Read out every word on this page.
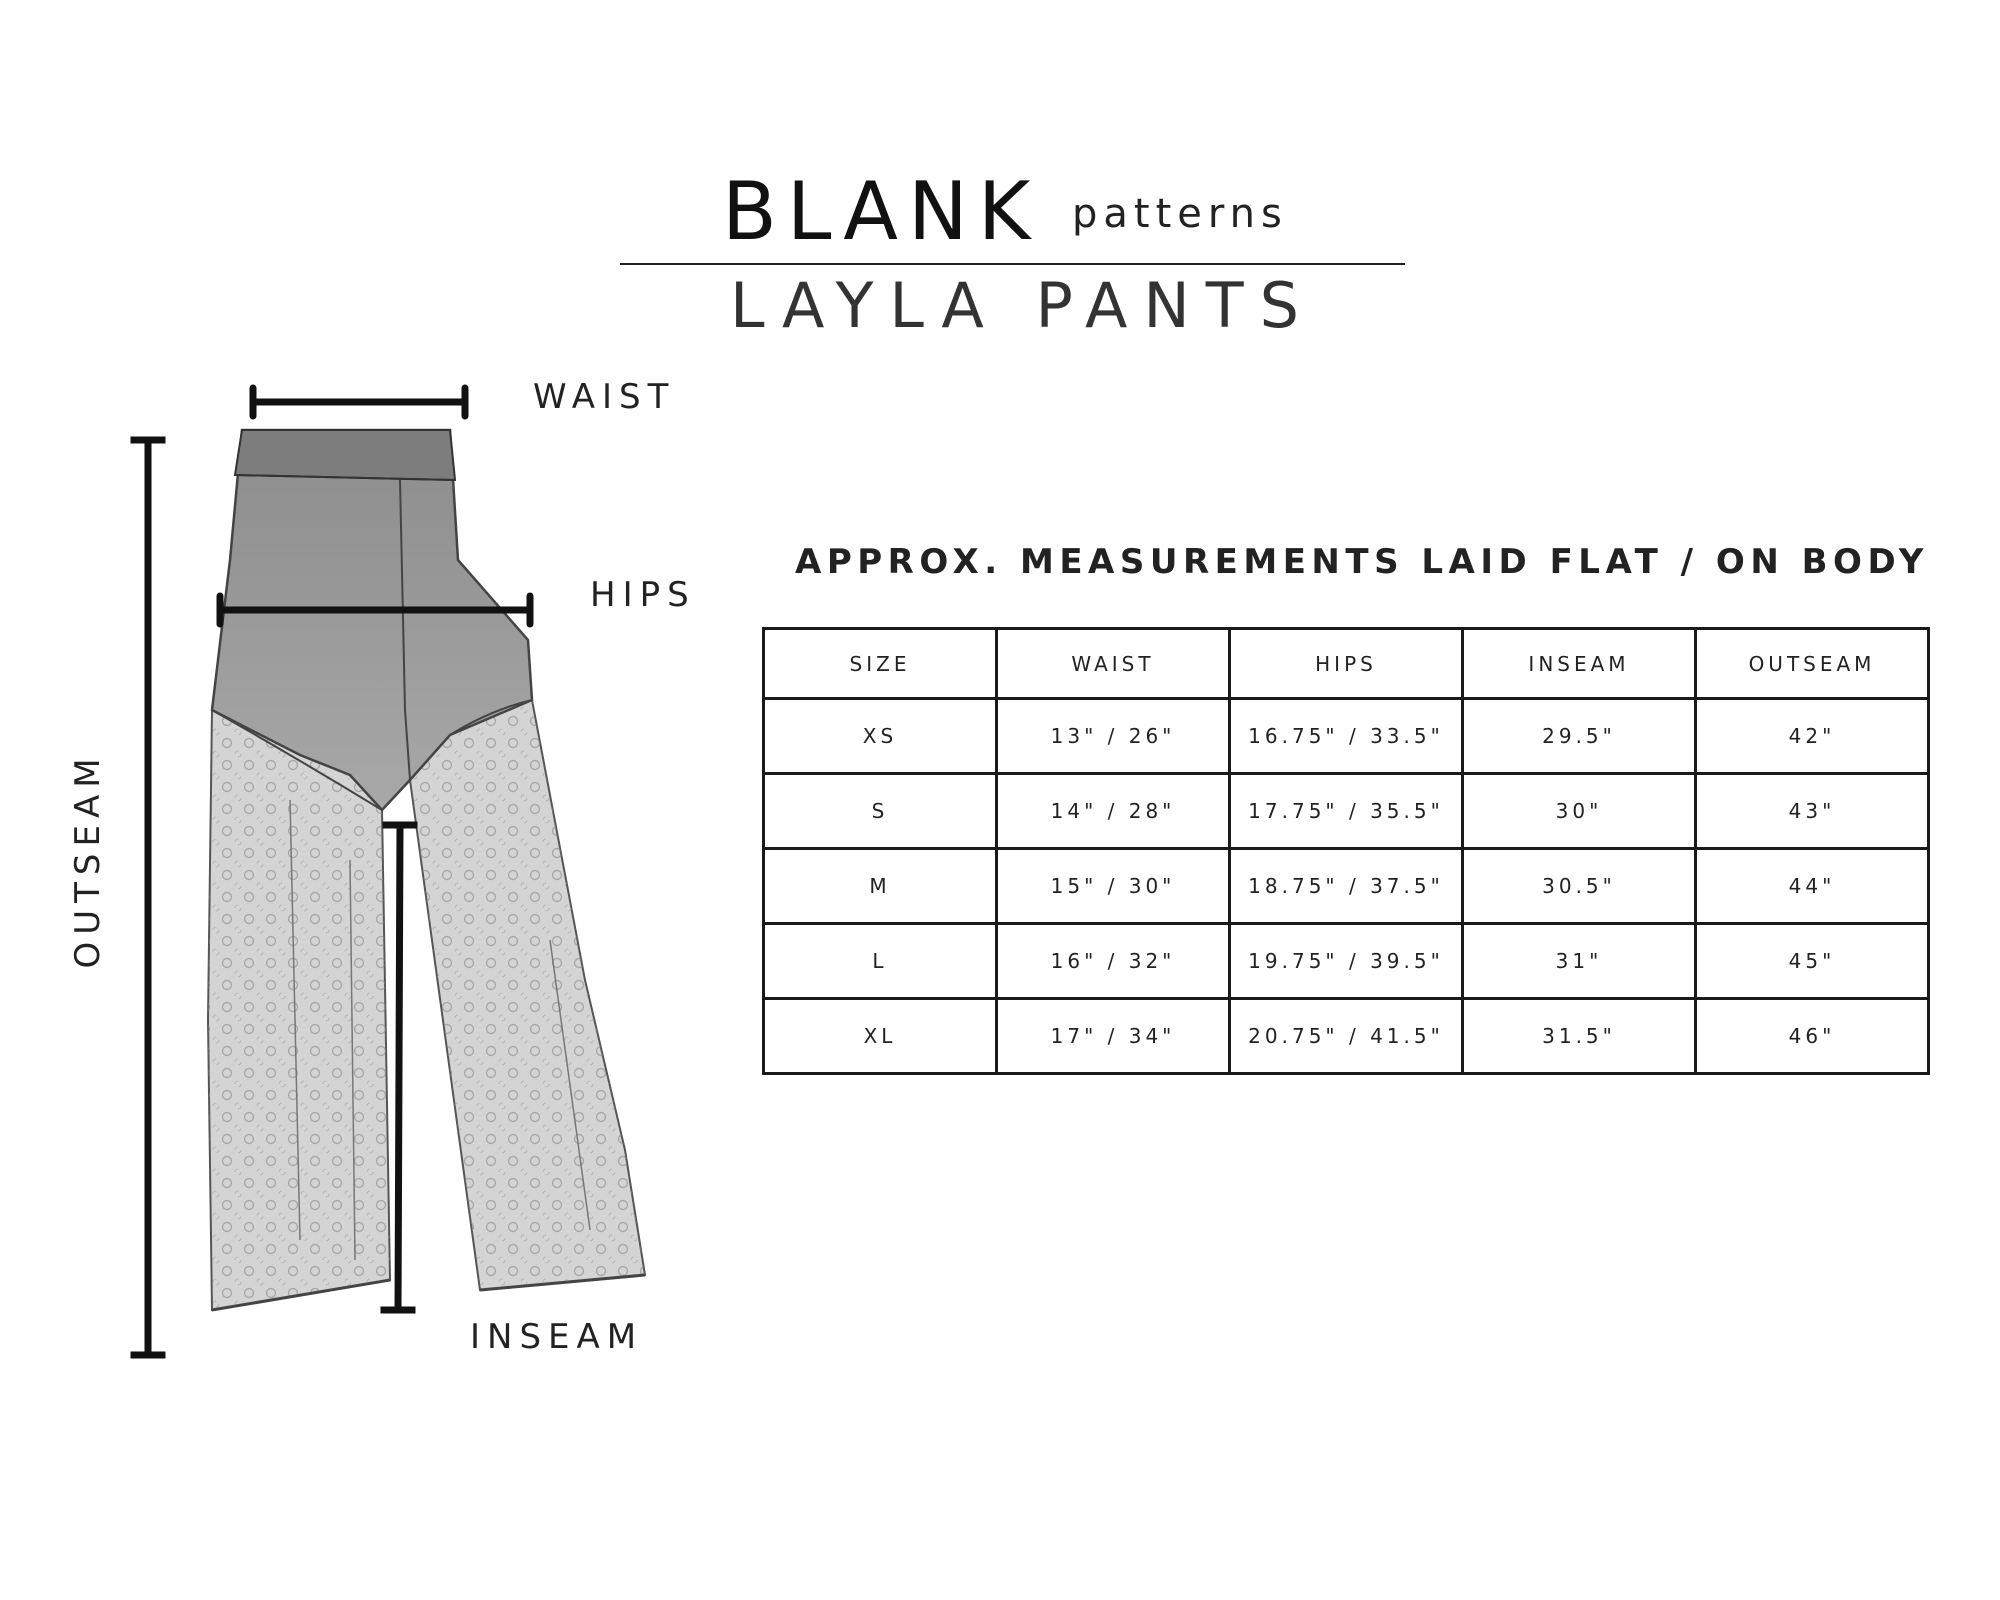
BLANK patterns
LAYLA PANTS
WAIST
HIPS
OUTSEAM
INSEAM
APPROX. MEASUREMENTS LAID FLAT / ON BODY
SIZE	WAIST	HIPS	INSEAM	OUTSEAM
XS	13" / 26"	16.75" / 33.5"	29.5"	42"
S	14" / 28"	17.75" / 35.5"	30"	43"
M	15" / 30"	18.75" / 37.5"	30.5"	44"
L	16" / 32"	19.75" / 39.5"	31"	45"
XL	17" / 34"	20.75" / 41.5"	31.5"	46"
